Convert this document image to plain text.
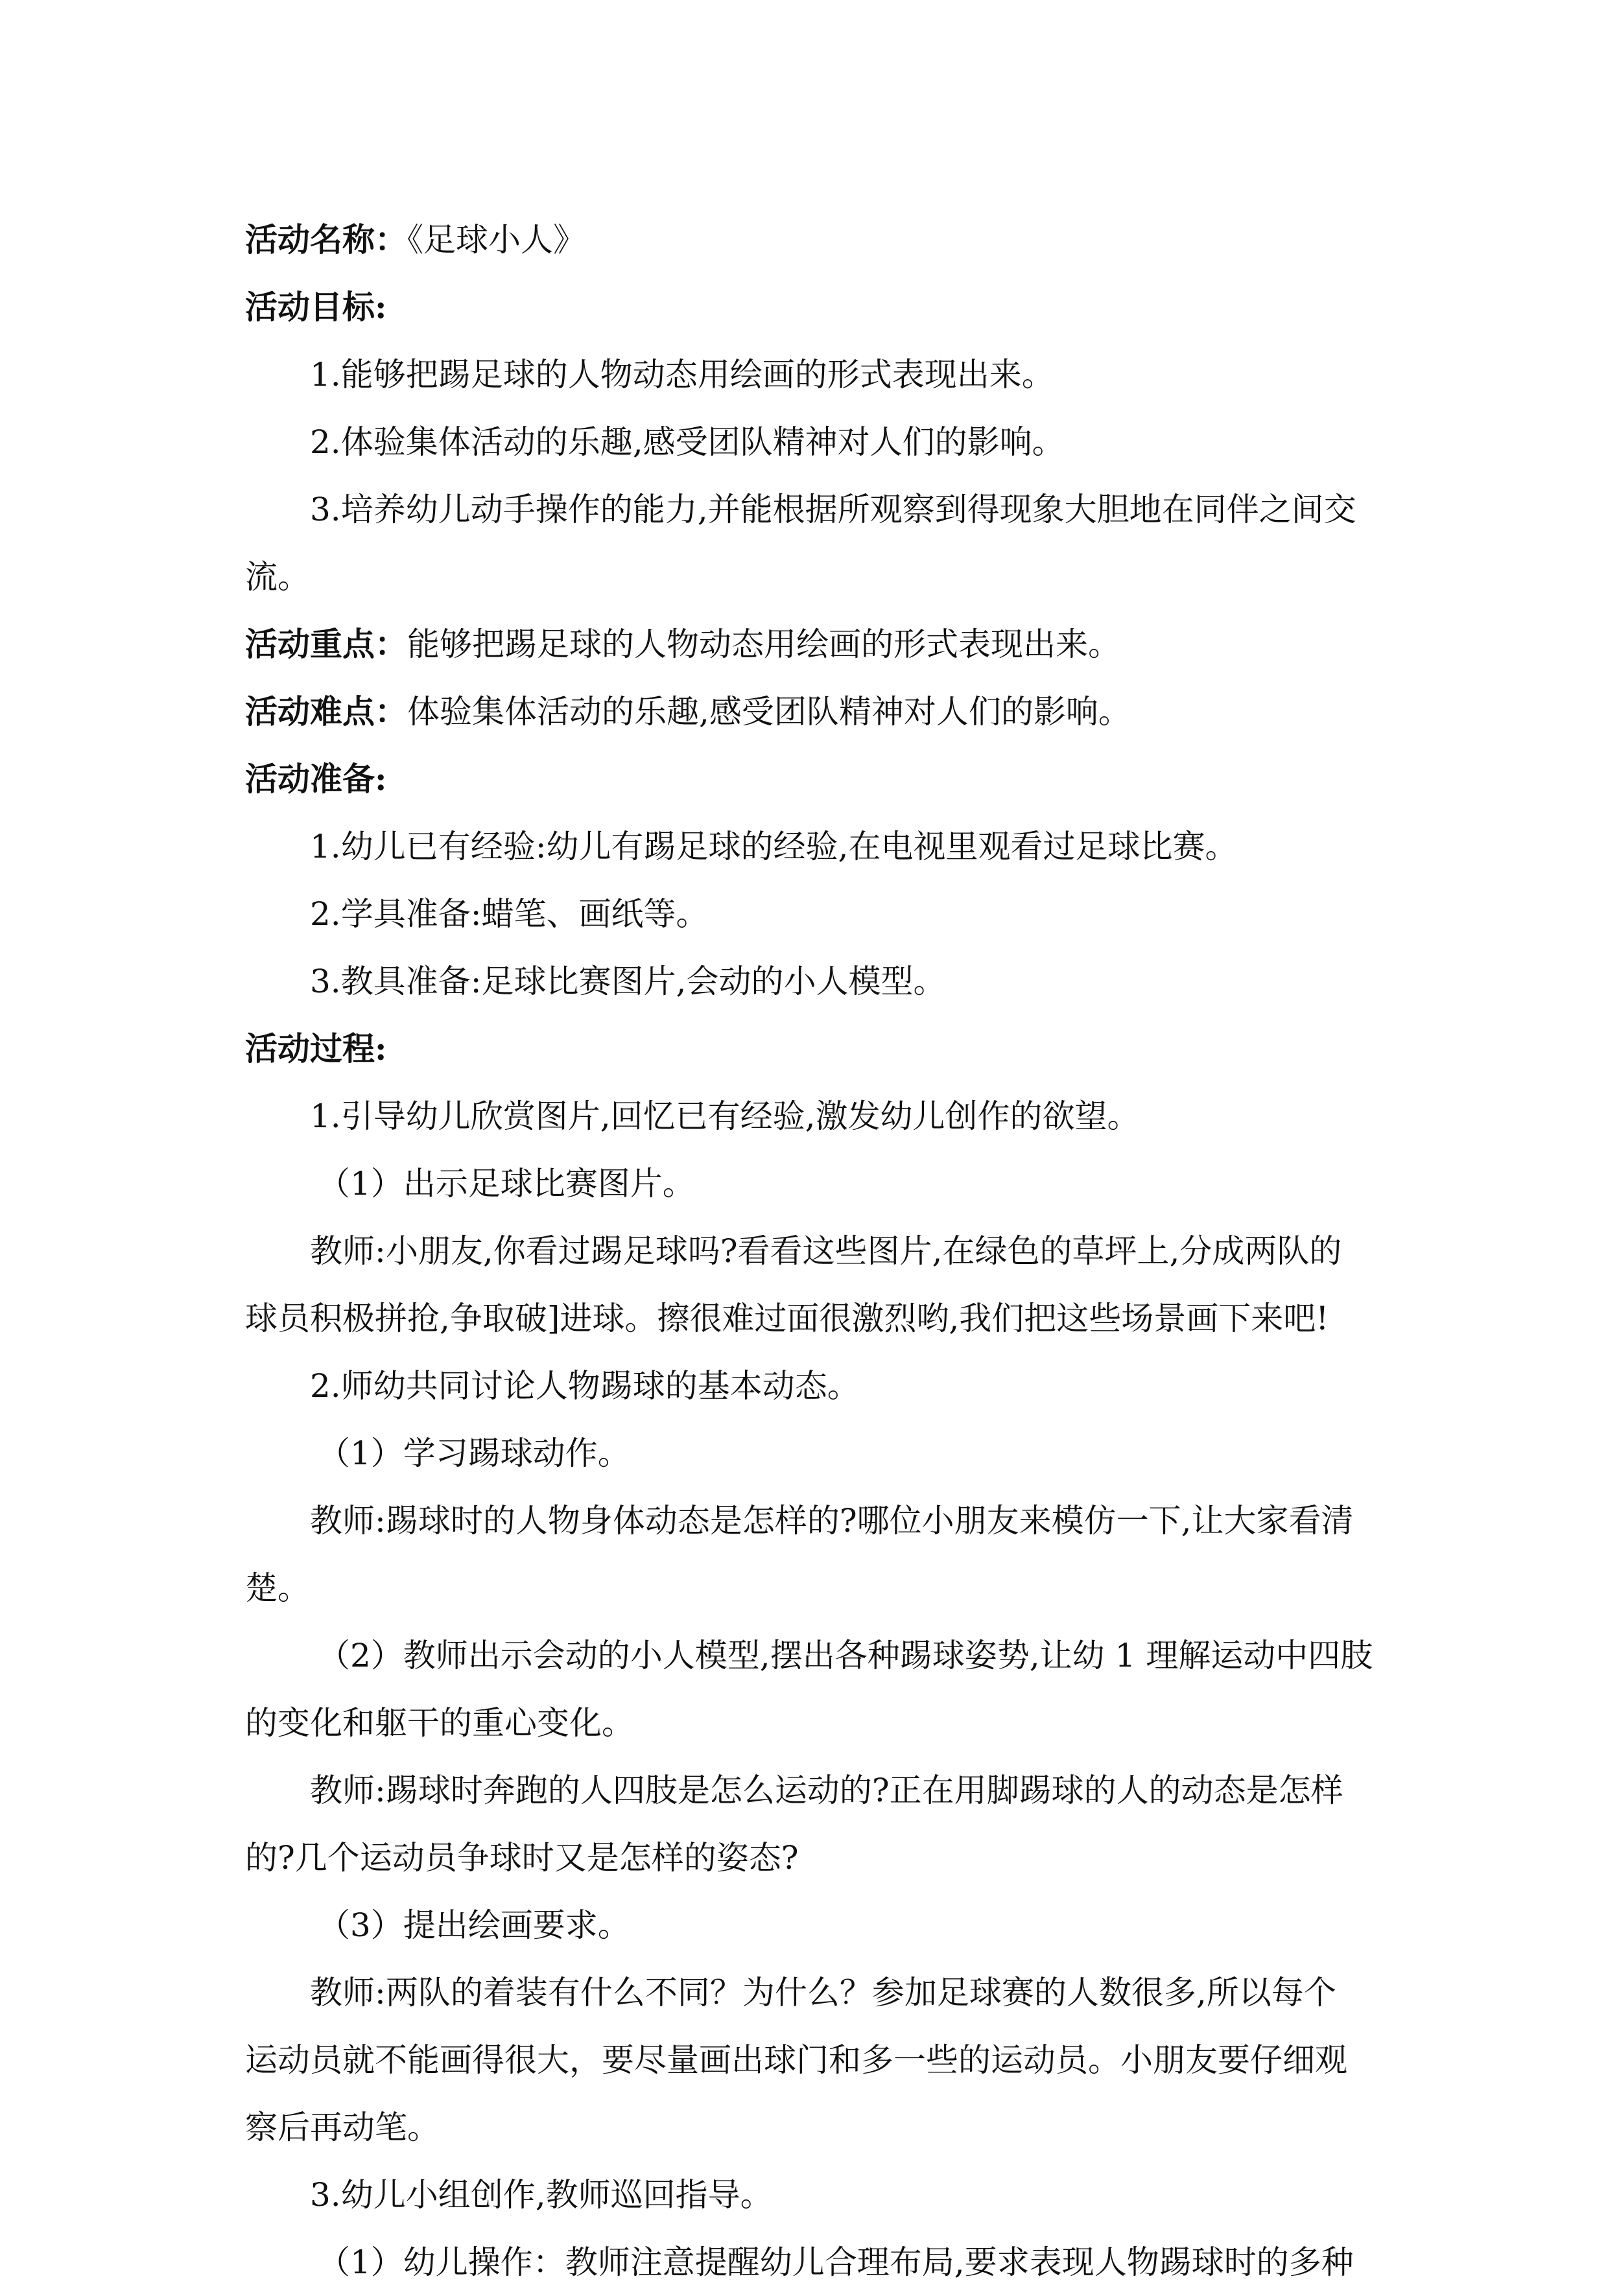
活动名称：《足球小人》

活动目标:

1.能够把踢足球的人物动态用绘画的形式表现出来。

2.体验集体活动的乐趣,感受团队精神对人们的影响。

3.培养幼儿动手操作的能力,并能根据所观察到得现象大胆地在同伴之间交

流。

活动重点：能够把踢足球的人物动态用绘画的形式表现出来。

活动难点：体验集体活动的乐趣,感受团队精神对人们的影响。

活动准备:

1.幼儿已有经验:幼儿有踢足球的经验,在电视里观看过足球比赛。

2.学具准备:蜡笔、画纸等。

3.教具准备:足球比赛图片,会动的小人模型。

活动过程:

1.引导幼儿欣赏图片,回忆已有经验,激发幼儿创作的欲望。

（1）出示足球比赛图片。

教师:小朋友,你看过踢足球吗?看看这些图片,在绿色的草坪上,分成两队的

球员积极拼抢,争取破]进球。擦很难过面很激烈哟,我们把这些场景画下来吧!

2.师幼共同讨论人物踢球的基本动态。

（1）学习踢球动作。

教师:踢球时的人物身体动态是怎样的?哪位小朋友来模仿一下,让大家看清

楚。

（2）教师出示会动的小人模型,摆出各种踢球姿势,让幼 1 理解运动中四肢

的变化和躯干的重心变化。

教师:踢球时奔跑的人四肢是怎么运动的?正在用脚踢球的人的动态是怎样

的?几个运动员争球时又是怎样的姿态?

（3）提出绘画要求。

教师:两队的着装有什么不同？为什么？参加足球赛的人数很多,所以每个

运动员就不能画得很大，要尽量画出球门和多一些的运动员。小朋友要仔细观

察后再动笔。

3.幼儿小组创作,教师巡回指导。

（1）幼儿操作：教师注意提醒幼儿合理布局,要求表现人物踢球时的多种
